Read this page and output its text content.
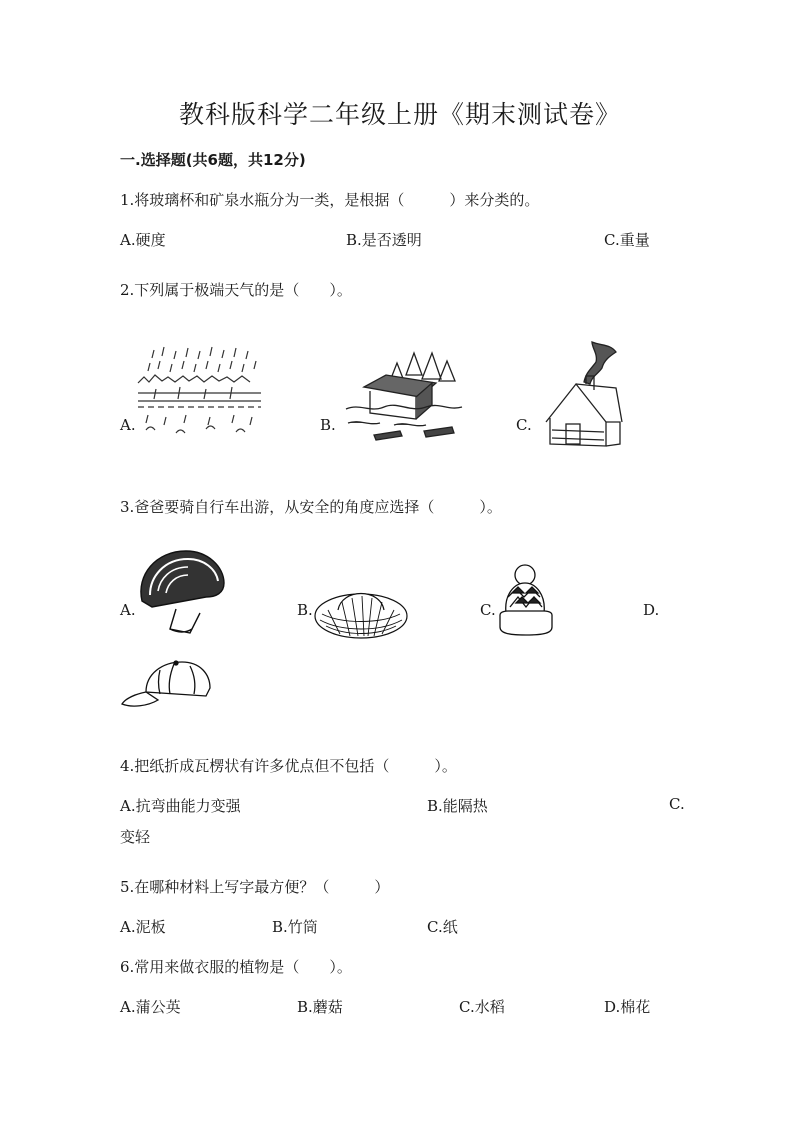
教科版科学二年级上册《期末测试卷》
一.选择题(共6题，共12分)
1.将玻璃杯和矿泉水瓶分为一类，是根据（　　　）来分类的。
A.硬度	B.是否透明	C.重量
2.下列属于极端天气的是（　　）。
A.	B.	C.
3.爸爸要骑自行车出游，从安全的角度应选择（　　　）。
A.	B.	C.	D.
4.把纸折成瓦楞状有许多优点但不包括（　　　）。
A.抗弯曲能力变强	B.能隔热	C.
变轻
5.在哪种材料上写字最方便？（　　　）
A.泥板	B.竹筒	C.纸
6.常用来做衣服的植物是（　　）。
A.蒲公英	B.蘑菇	C.水稻	D.棉花
